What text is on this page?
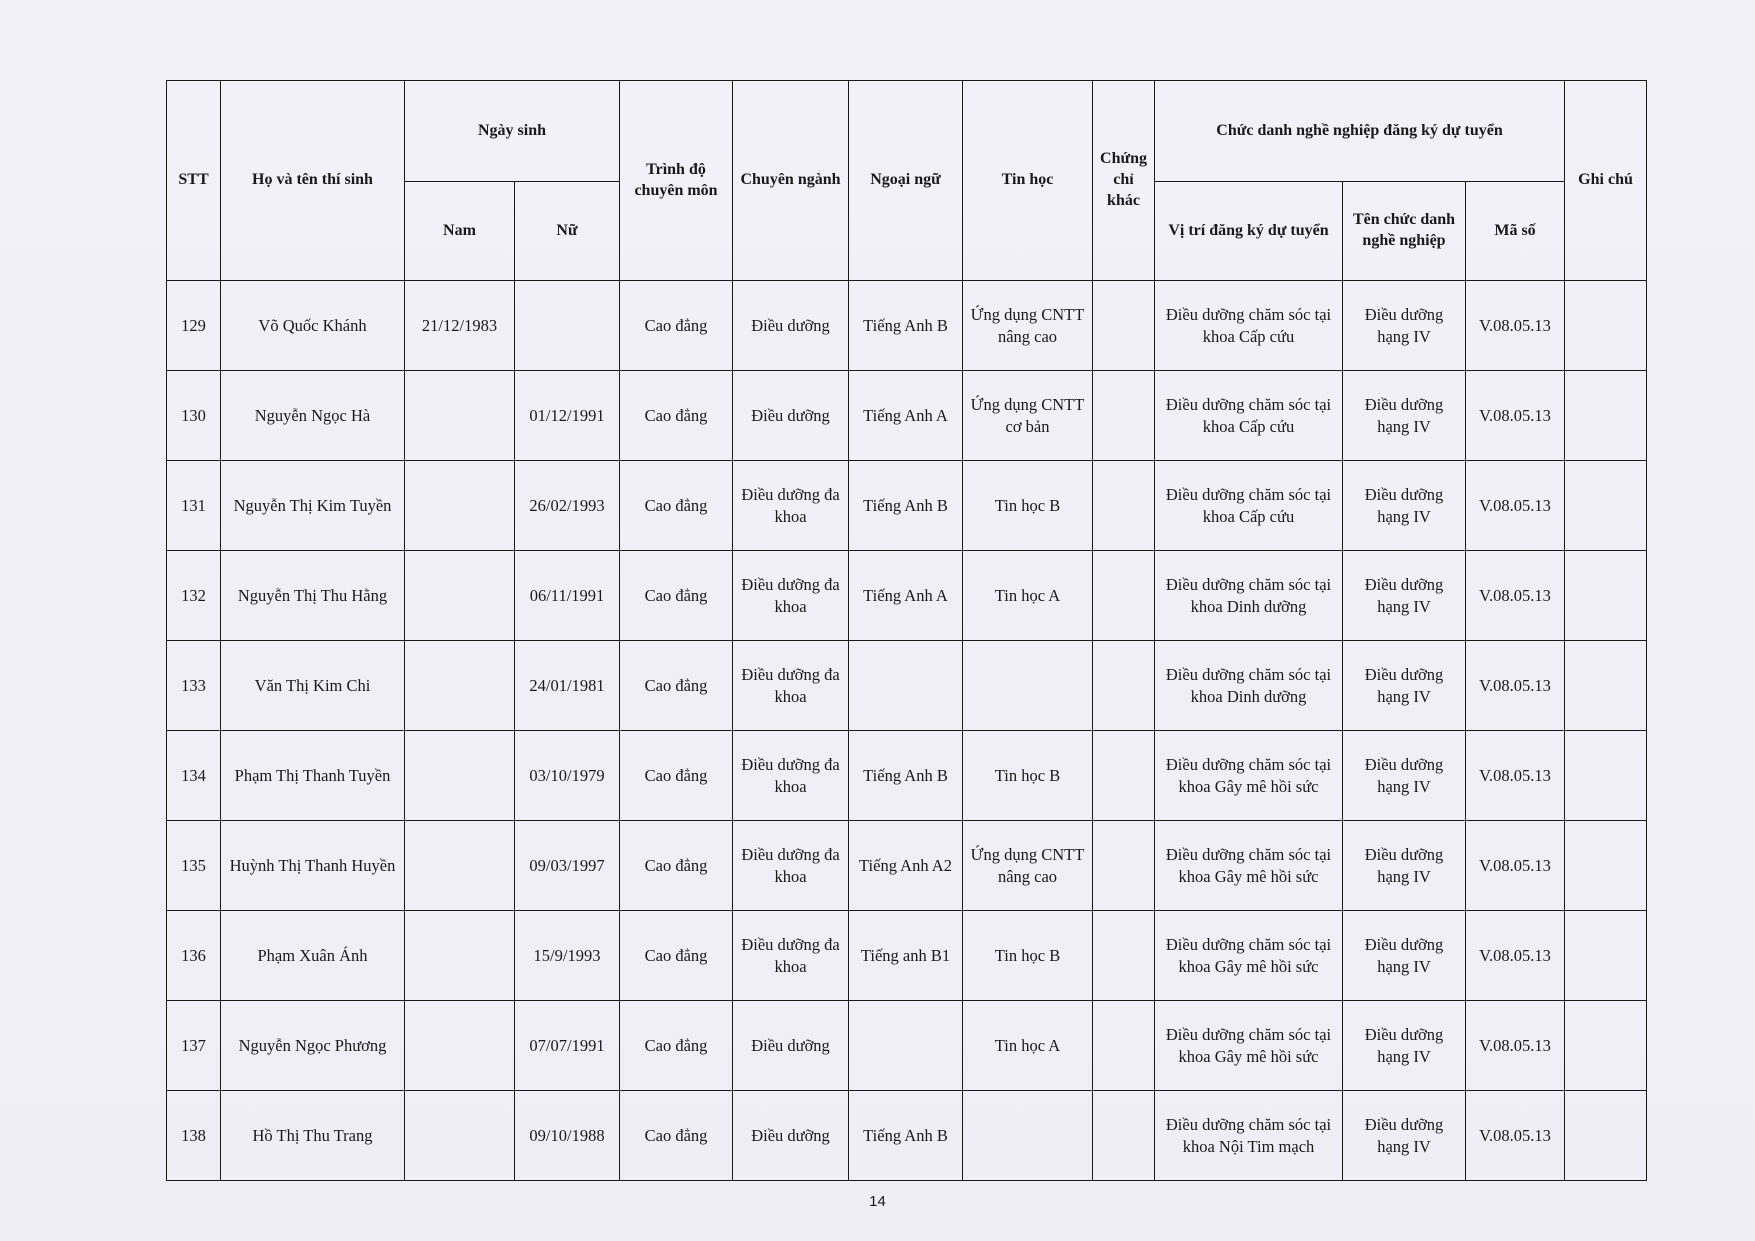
STT	Họ và tên thí sinh	Ngày sinh		Trình độ chuyên môn	Chuyên ngành	Ngoại ngữ	Tin học	Chứng chỉ khác	Chức danh nghề nghiệp đăng ký dự tuyển			Ghi chú
		Nam	Nữ						Vị trí đăng ký dự tuyển	Tên chức danh nghề nghiệp	Mã số	
129	Võ Quốc Khánh	21/12/1983		Cao đẳng	Điều dưỡng	Tiếng Anh B	Ứng dụng CNTT nâng cao		Điều dưỡng chăm sóc tại khoa Cấp cứu	Điều dưỡng hạng IV	V.08.05.13	
130	Nguyễn Ngọc Hà		01/12/1991	Cao đẳng	Điều dưỡng	Tiếng Anh A	Ứng dụng CNTT cơ bản		Điều dưỡng chăm sóc tại khoa Cấp cứu	Điều dưỡng hạng IV	V.08.05.13	
131	Nguyễn Thị Kim Tuyền		26/02/1993	Cao đẳng	Điều dưỡng đa khoa	Tiếng Anh B	Tin học B		Điều dưỡng chăm sóc tại khoa Cấp cứu	Điều dưỡng hạng IV	V.08.05.13	
132	Nguyễn Thị Thu Hằng		06/11/1991	Cao đẳng	Điều dưỡng đa khoa	Tiếng Anh A	Tin học A		Điều dưỡng chăm sóc tại khoa Dinh dưỡng	Điều dưỡng hạng IV	V.08.05.13	
133	Văn Thị Kim Chi		24/01/1981	Cao đẳng	Điều dưỡng đa khoa				Điều dưỡng chăm sóc tại khoa Dinh dưỡng	Điều dưỡng hạng IV	V.08.05.13	
134	Phạm Thị Thanh Tuyền		03/10/1979	Cao đẳng	Điều dưỡng đa khoa	Tiếng Anh B	Tin học B		Điều dưỡng chăm sóc tại khoa Gây mê hồi sức	Điều dưỡng hạng IV	V.08.05.13	
135	Huỳnh Thị Thanh Huyền		09/03/1997	Cao đẳng	Điều dưỡng đa khoa	Tiếng Anh A2	Ứng dụng CNTT nâng cao		Điều dưỡng chăm sóc tại khoa Gây mê hồi sức	Điều dưỡng hạng IV	V.08.05.13	
136	Phạm Xuân Ánh		15/9/1993	Cao đẳng	Điều dưỡng đa khoa	Tiếng anh B1	Tin học B		Điều dưỡng chăm sóc tại khoa Gây mê hồi sức	Điều dưỡng hạng IV	V.08.05.13	
137	Nguyễn Ngọc Phương		07/07/1991	Cao đẳng	Điều dưỡng		Tin học A		Điều dưỡng chăm sóc tại khoa Gây mê hồi sức	Điều dưỡng hạng IV	V.08.05.13	
138	Hồ Thị Thu Trang		09/10/1988	Cao đẳng	Điều dưỡng	Tiếng Anh B			Điều dưỡng chăm sóc tại khoa Nội Tim mạch	Điều dưỡng hạng IV	V.08.05.13	
14
